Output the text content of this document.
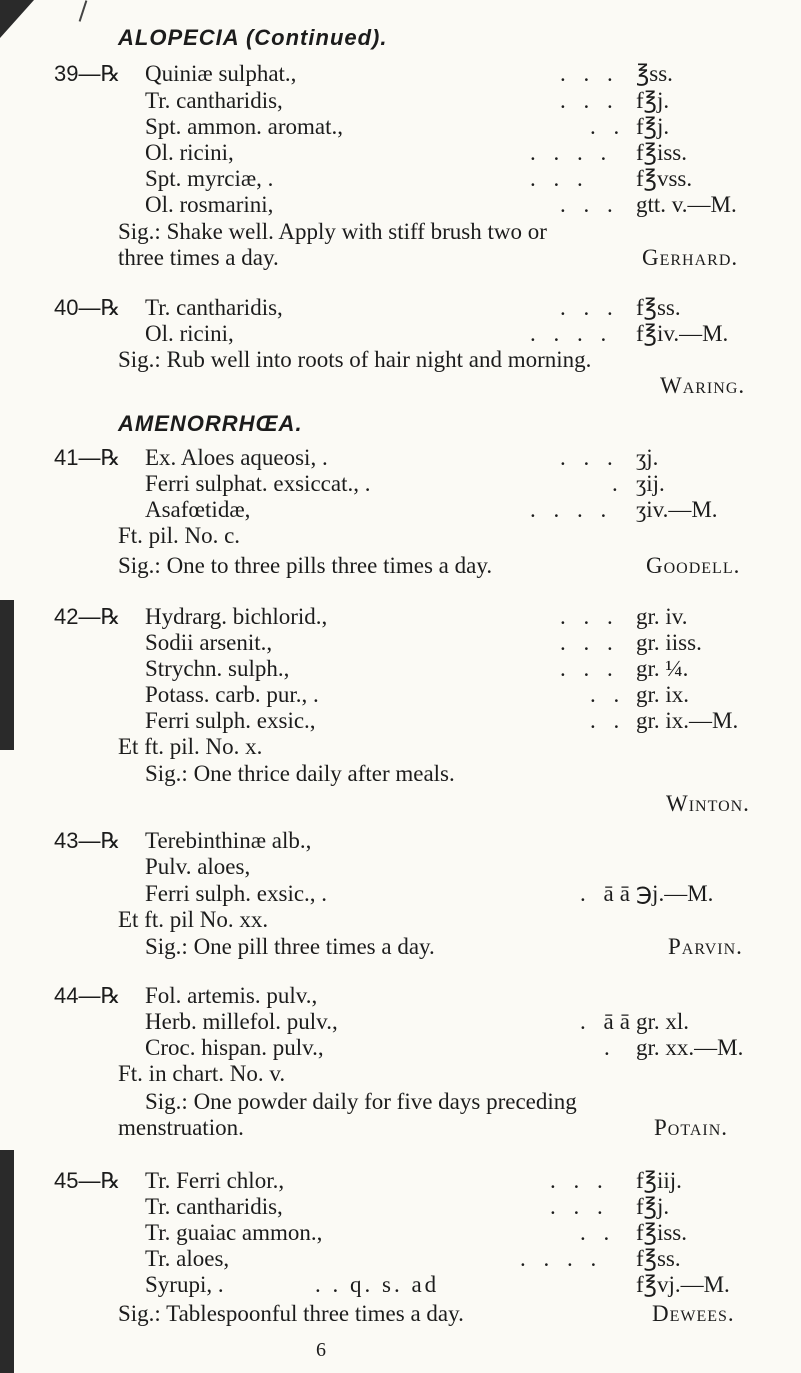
ALOPECIA (Continued).
39—℞ Quiniæ sulphat.,	. . . ℥ss.
Tr. cantharidis,	. . . f℥j.
Spt. ammon. aromat.,	. . f℥j.
Ol. ricini,	. . . . f℥iss.
Spt. myrciæ, .	. . . f℥vss.
Ol. rosmarini,	. . . gtt. v.—M.
Sig.: Shake well. Apply with stiff brush two or
three times a day.	Gerhard.
40—℞ Tr. cantharidis,	. . . f℥ss.
Ol. ricini,	. . . . f℥iv.—M.
Sig.: Rub well into roots of hair night and morning.
Waring.
AMENORRHŒA.
41—℞ Ex. Aloes aqueosi, .	. . . ʒj.
Ferri sulphat. exsiccat., .	. ʒij.
Asafœtidæ,	. . . . ʒiv.—M.
Ft. pil. No. c.
Sig.: One to three pills three times a day.	Goodell.
42—℞ Hydrarg. bichlorid.,	. . . gr. iv.
Sodii arsenit.,	. . . gr. iiss.
Strychn. sulph.,	. . . gr. ¼.
Potass. carb. pur., .	. . gr. ix.
Ferri sulph. exsic.,	. . gr. ix.—M.
Et ft. pil. No. x.
Sig.: One thrice daily after meals.
Winton.
43—℞ Terebinthinæ alb.,
Pulv. aloes,
Ferri sulph. exsic., .	. āā ℈j.—M.
Et ft. pil No. xx.
Sig.: One pill three times a day.	Parvin.
44—℞ Fol. artemis. pulv.,
Herb. millefol. pulv.,	. āā gr. xl.
Croc. hispan. pulv.,	. gr. xx.—M.
Ft. in chart. No. v.
Sig.: One powder daily for five days preceding
menstruation.	Potain.
45—℞ Tr. Ferri chlor.,	. . . f℥iij.
Tr. cantharidis,	. . . f℥j.
Tr. guaiac ammon.,	. . f℥iss.
Tr. aloes,	. . . . f℥ss.
Syrupi, .	. . q. s. ad	f℥vj.—M.
Sig.: Tablespoonful three times a day.	Dewees.
6
